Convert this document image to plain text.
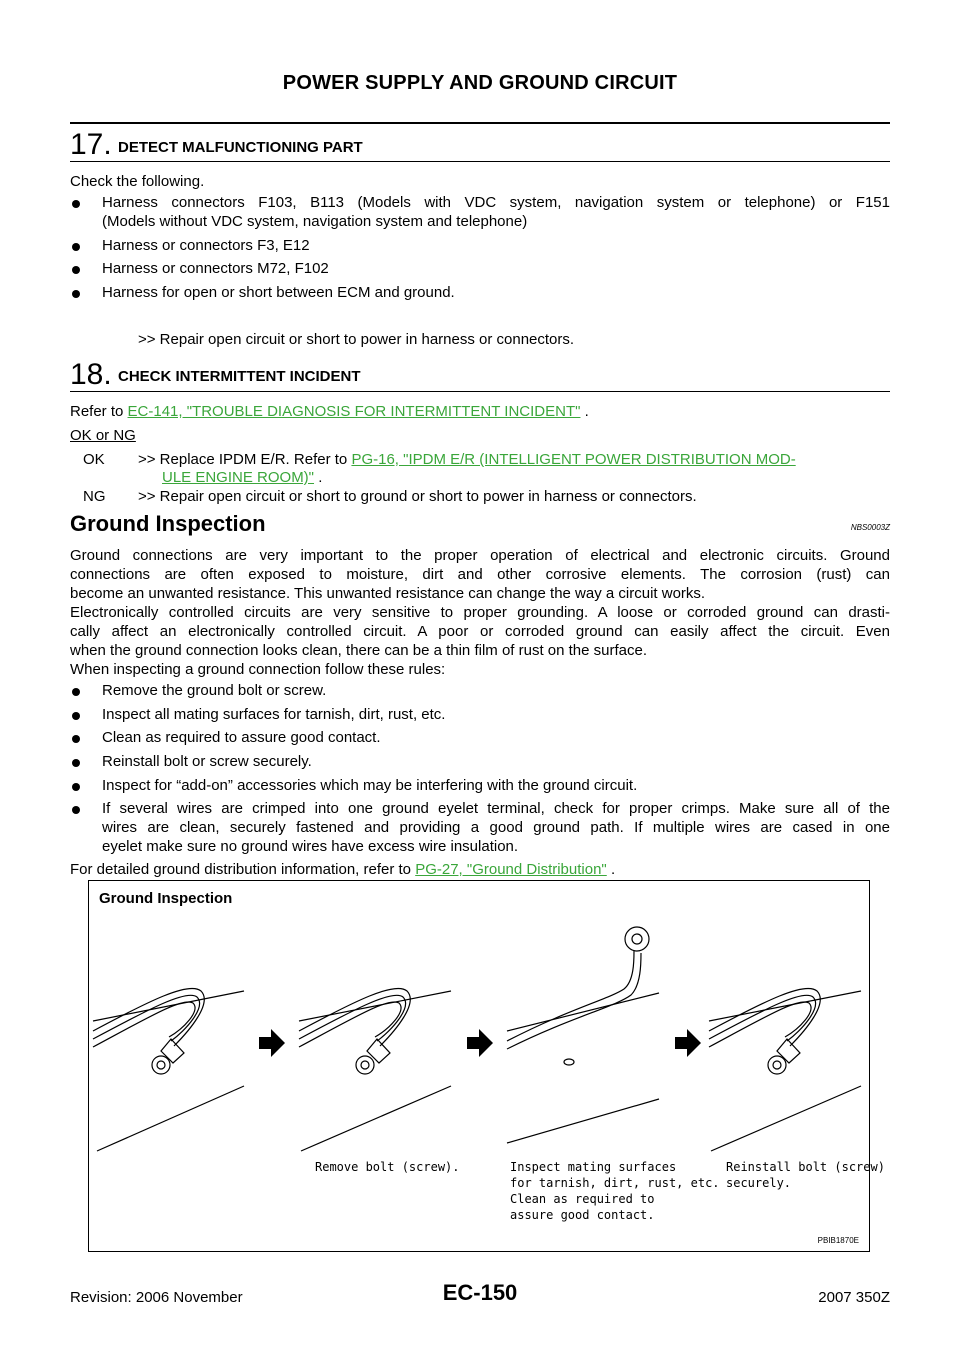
POWER SUPPLY AND GROUND CIRCUIT
17. DETECT MALFUNCTIONING PART
Check the following.
Harness connectors F103, B113 (Models with VDC system, navigation system or telephone) or F151
(Models without VDC system, navigation system and telephone)
Harness or connectors F3, E12
Harness or connectors M72, F102
Harness for open or short between ECM and ground.
>> Repair open circuit or short to power in harness or connectors.
18. CHECK INTERMITTENT INCIDENT
Refer to EC-141, "TROUBLE DIAGNOSIS FOR INTERMITTENT INCIDENT" .
OK or NG
OK >> Replace IPDM E/R. Refer to PG-16, "IPDM E/R (INTELLIGENT POWER DISTRIBUTION MOD-
ULE ENGINE ROOM)" .
NG >> Repair open circuit or short to ground or short to power in harness or connectors.
Ground Inspection	NBS0003Z
Ground connections are very important to the proper operation of electrical and electronic circuits. Ground
connections are often exposed to moisture, dirt and other corrosive elements. The corrosion (rust) can
become an unwanted resistance. This unwanted resistance can change the way a circuit works.
Electronically controlled circuits are very sensitive to proper grounding. A loose or corroded ground can drasti-
cally affect an electronically controlled circuit. A poor or corroded ground can easily affect the circuit. Even
when the ground connection looks clean, there can be a thin film of rust on the surface.
When inspecting a ground connection follow these rules:
Remove the ground bolt or screw.
Inspect all mating surfaces for tarnish, dirt, rust, etc.
Clean as required to assure good contact.
Reinstall bolt or screw securely.
Inspect for “add-on” accessories which may be interfering with the ground circuit.
If several wires are crimped into one ground eyelet terminal, check for proper crimps. Make sure all of the
wires are clean, securely fastened and providing a good ground path. If multiple wires are cased in one
eyelet make sure no ground wires have excess wire insulation.
For detailed ground distribution information, refer to PG-27, "Ground Distribution" .
Ground Inspection
Remove bolt (screw).	Inspect mating surfaces
for tarnish, dirt, rust, etc.
Clean as required to
assure good contact.
Reinstall bolt (screw)
securely.
PBIB1870E
Revision: 2006 November	EC-150	2007 350Z
